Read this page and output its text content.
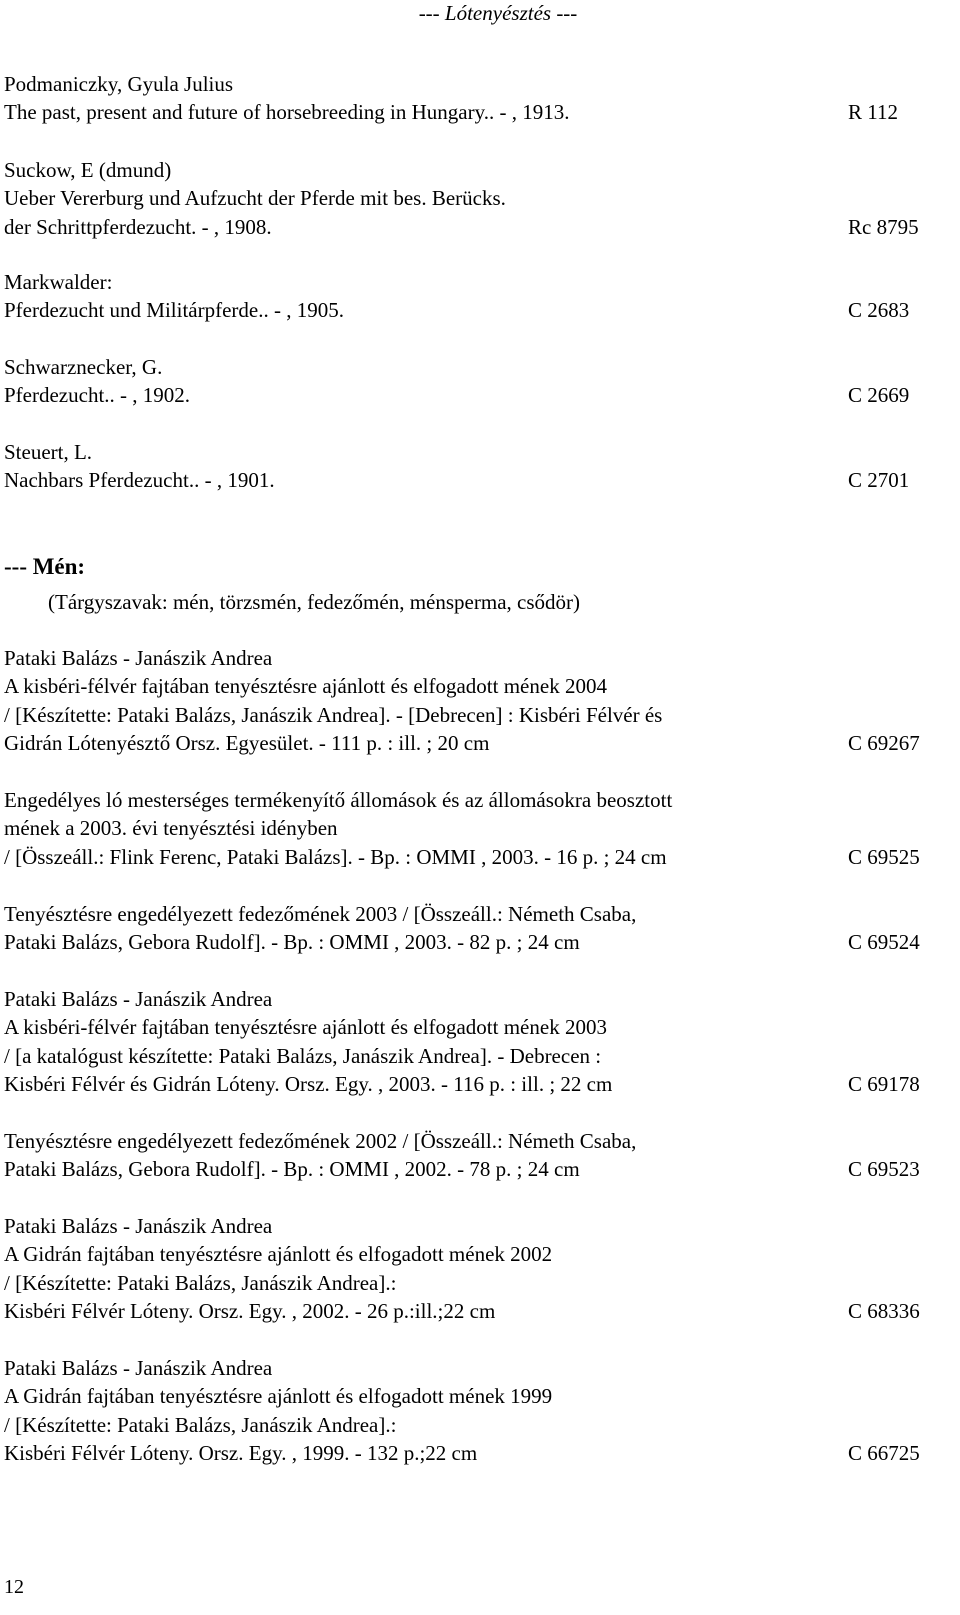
--- Lótenyésztés ---
Podmaniczky, Gyula Julius
The past, present and future of horsebreeding in Hungary.. - , 1913.	R 112
Suckow, E (dmund)
Ueber Vererburg und Aufzucht der Pferde mit bes. Berücks.
der Schrittpferdezucht. - , 1908.	Rc 8795
Markwalder:
Pferdezucht und Militárpferde.. - , 1905.	C 2683
Schwarznecker, G.
Pferdezucht.. - , 1902.	C 2669
Steuert, L.
Nachbars Pferdezucht.. - , 1901.	C 2701
--- Mén:
(Tárgyszavak: mén, törzsmén, fedezőmén, ménsperma, csődör)
Pataki Balázs - Janászik Andrea
A kisbéri-félvér fajtában tenyésztésre ajánlott és elfogadott mének 2004
/ [Készítette: Pataki Balázs, Janászik Andrea]. - [Debrecen] : Kisbéri Félvér és
Gidrán Lótenyésztő Orsz. Egyesület. - 111 p. : ill. ; 20 cm	C 69267
Engedélyes ló mesterséges termékenyítő állomások és az állomásokra beosztott
mének a 2003. évi tenyésztési idényben
/ [Összeáll.: Flink Ferenc, Pataki Balázs]. - Bp. : OMMI , 2003. - 16 p. ; 24 cm	C 69525
Tenyésztésre engedélyezett fedezőmének 2003 / [Összeáll.: Németh Csaba,
Pataki Balázs, Gebora Rudolf]. - Bp. : OMMI , 2003. - 82 p. ; 24 cm	C 69524
Pataki Balázs - Janászik Andrea
A kisbéri-félvér fajtában tenyésztésre ajánlott és elfogadott mének 2003
/ [a katalógust készítette: Pataki Balázs, Janászik Andrea]. - Debrecen :
Kisbéri Félvér és Gidrán Lóteny. Orsz. Egy. , 2003. - 116 p. : ill. ; 22 cm	C 69178
Tenyésztésre engedélyezett fedezőmének 2002 / [Összeáll.: Németh Csaba,
Pataki Balázs, Gebora Rudolf]. - Bp. : OMMI , 2002. - 78 p. ; 24 cm	C 69523
Pataki Balázs - Janászik Andrea
A Gidrán fajtában tenyésztésre ajánlott és elfogadott mének 2002
/ [Készítette: Pataki Balázs, Janászik Andrea].:
Kisbéri Félvér Lóteny. Orsz. Egy. , 2002. - 26 p.:ill.;22 cm	C 68336
Pataki Balázs - Janászik Andrea
A Gidrán fajtában tenyésztésre ajánlott és elfogadott mének 1999
/ [Készítette: Pataki Balázs, Janászik Andrea].:
Kisbéri Félvér Lóteny. Orsz. Egy. , 1999. - 132 p.;22 cm	C 66725
12
